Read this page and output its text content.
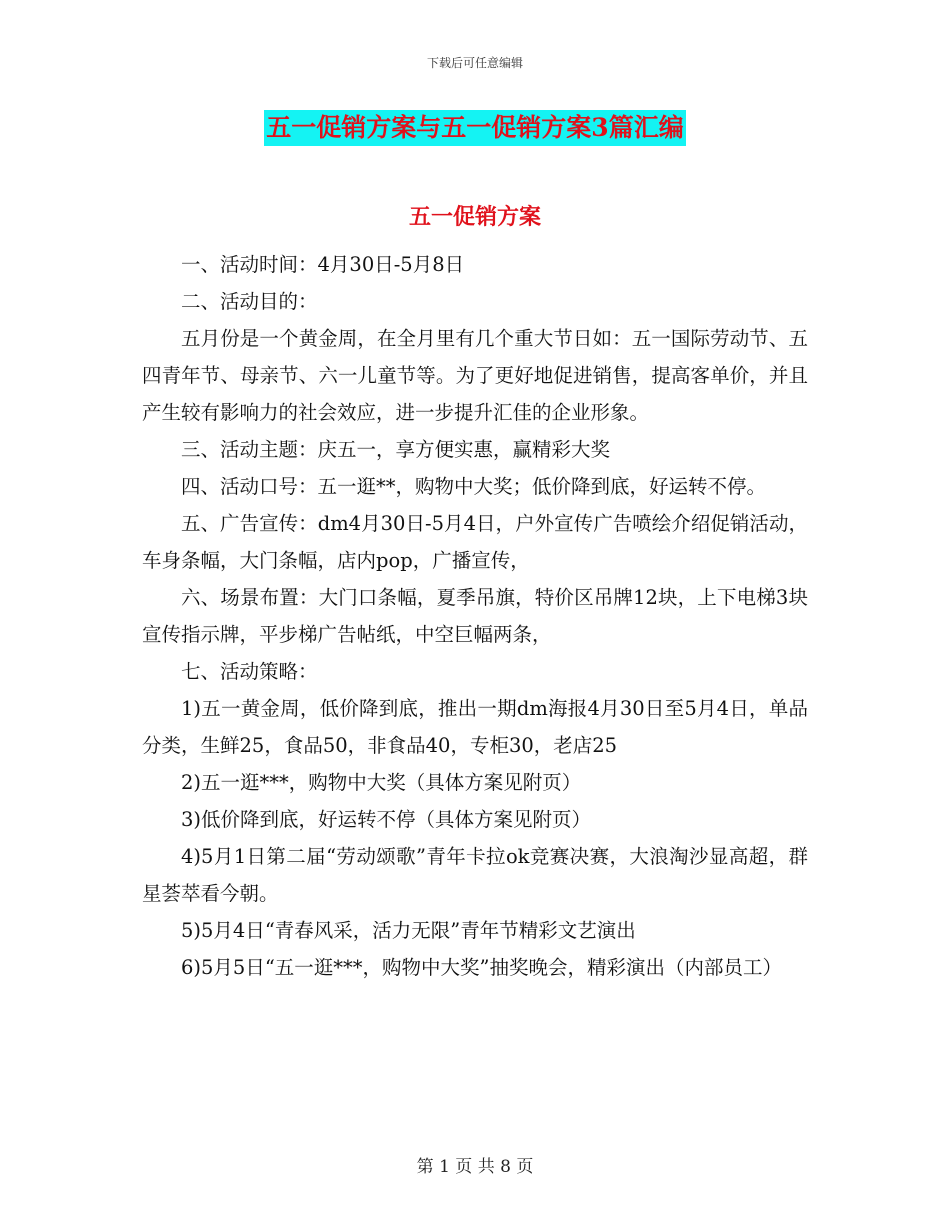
下载后可任意编辑
五一促销方案与五一促销方案3篇汇编
五一促销方案

一、活动时间：4月30日-5月8日

二、活动目的：

五月份是一个黄金周，在全月里有几个重大节日如：五一国际劳动节、五四青年节、母亲节、六一儿童节等。为了更好地促进销售，提高客单价，并且产生较有影响力的社会效应，进一步提升汇佳的企业形象。

三、活动主题：庆五一，享方便实惠，赢精彩大奖

四、活动口号：五一逛**，购物中大奖；低价降到底，好运转不停。

五、广告宣传：dm4月30日-5月4日，户外宣传广告喷绘介绍促销活动，车身条幅，大门条幅，店内pop，广播宣传，

六、场景布置：大门口条幅，夏季吊旗，特价区吊牌12块，上下电梯3块宣传指示牌，平步梯广告帖纸，中空巨幅两条，

七、活动策略：

1)五一黄金周，低价降到底，推出一期dm海报4月30日至5月4日，单品分类，生鲜25，食品50，非食品40，专柜30，老店25

2)五一逛***，购物中大奖（具体方案见附页）

3)低价降到底，好运转不停（具体方案见附页）

4)5月1日第二届“劳动颂歌”青年卡拉ok竞赛决赛，大浪淘沙显高超，群星荟萃看今朝。

5)5月4日“青春风采，活力无限”青年节精彩文艺演出

6)5月5日“五一逛***，购物中大奖”抽奖晚会，精彩演出（内部员工）

第 1 页 共 8 页
